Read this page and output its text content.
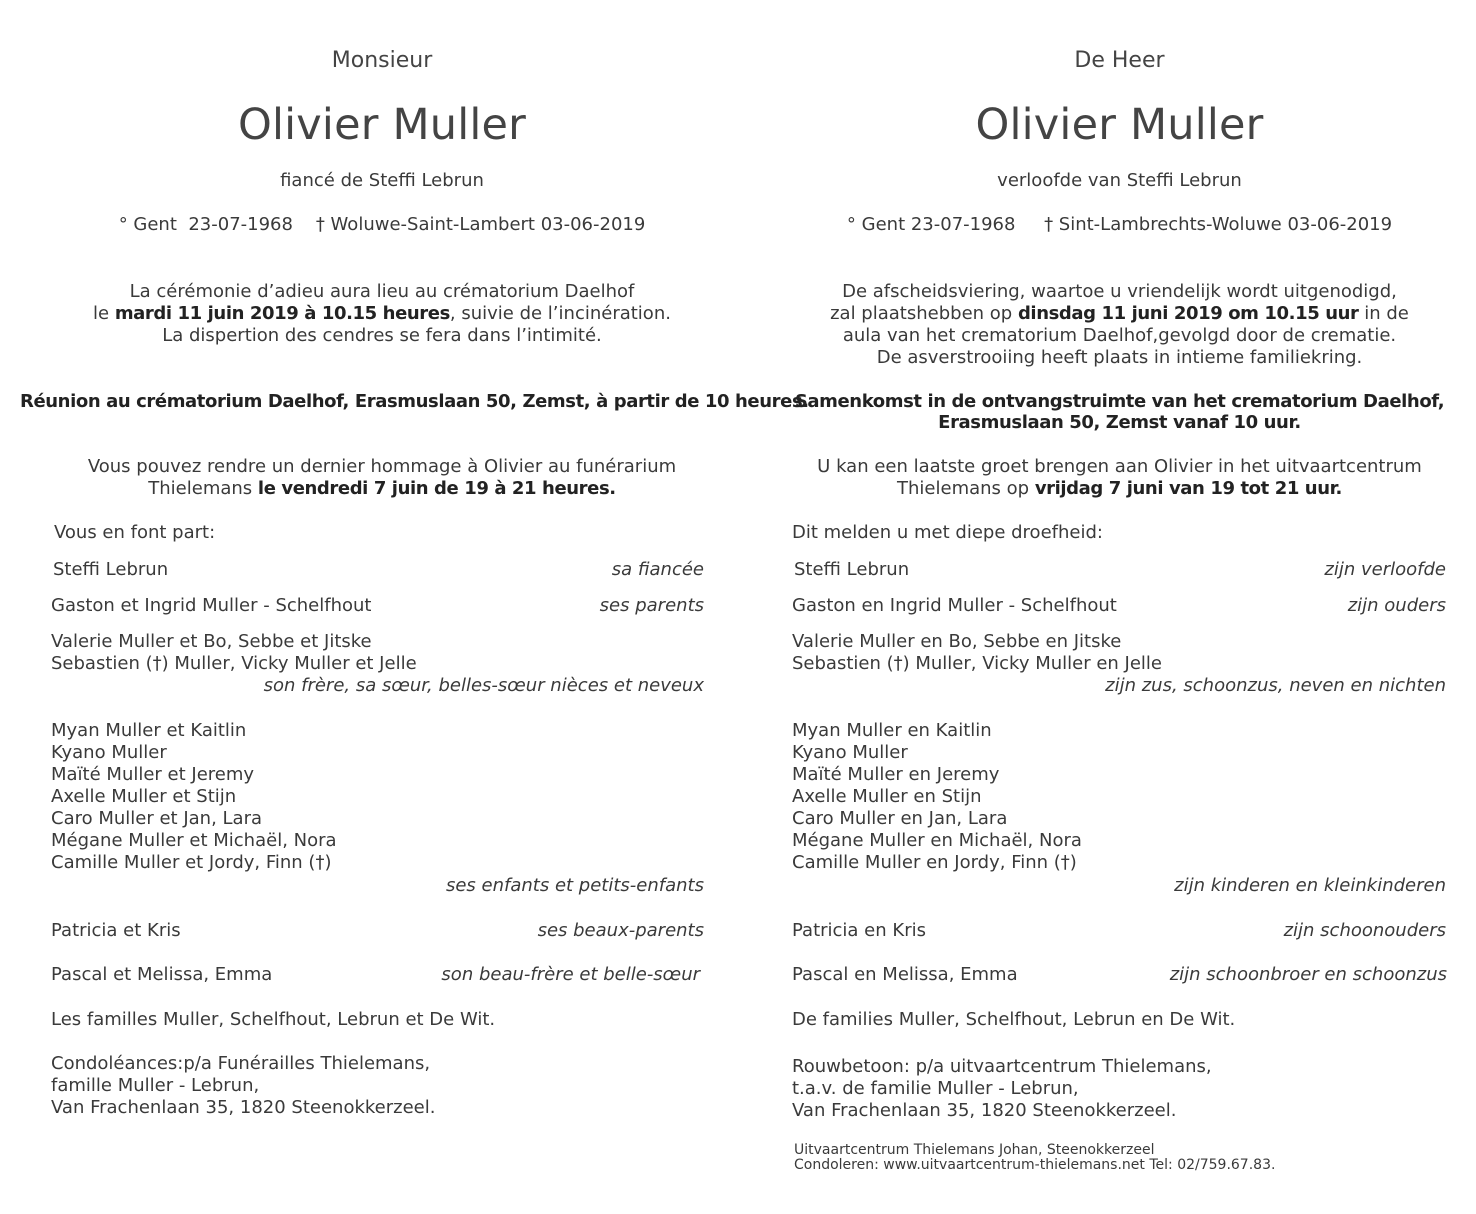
Monsieur
Olivier Muller
fiancé de Steffi Lebrun
° Gent  23-07-1968    † Woluwe-Saint-Lambert 03-06-2019
La cérémonie d’adieu aura lieu au crématorium Daelhof
le mardi 11 juin 2019 à 10.15 heures, suivie de l’incinération.
La dispertion des cendres se fera dans l’intimité.
Réunion au crématorium Daelhof, Erasmuslaan 50, Zemst, à partir de 10 heures.
Vous pouvez rendre un dernier hommage à Olivier au funérarium
Thielemans le vendredi 7 juin de 19 à 21 heures.
Vous en font part:
Steffi Lebrun	sa fiancée
Gaston et Ingrid Muller - Schelfhout	ses parents
Valerie Muller et Bo, Sebbe et Jitske
Sebastien (†) Muller, Vicky Muller et Jelle
son frère, sa sœur, belles-sœur nièces et neveux
Myan Muller et Kaitlin
Kyano Muller
Maïté Muller et Jeremy
Axelle Muller et Stijn
Caro Muller et Jan, Lara
Mégane Muller et Michaël, Nora
Camille Muller et Jordy, Finn (†)
ses enfants et petits-enfants
Patricia et Kris	ses beaux-parents
Pascal et Melissa, Emma	son beau-frère et belle-sœur
Les familles Muller, Schelfhout, Lebrun et De Wit.
Condoléances:p/a Funérailles Thielemans,
famille Muller - Lebrun,
Van Frachenlaan 35, 1820 Steenokkerzeel.
De Heer
Olivier Muller
verloofde van Steffi Lebrun
° Gent 23-07-1968     † Sint-Lambrechts-Woluwe 03-06-2019
De afscheidsviering, waartoe u vriendelijk wordt uitgenodigd,
zal plaatshebben op dinsdag 11 juni 2019 om 10.15 uur in de
aula van het crematorium Daelhof,gevolgd door de crematie.
De asverstrooiing heeft plaats in intieme familiekring.
Samenkomst in de ontvangstruimte van het crematorium Daelhof,
Erasmuslaan 50, Zemst vanaf 10 uur.
U kan een laatste groet brengen aan Olivier in het uitvaartcentrum
Thielemans op vrijdag 7 juni van 19 tot 21 uur.
Dit melden u met diepe droefheid:
Steffi Lebrun	zijn verloofde
Gaston en Ingrid Muller - Schelfhout	zijn ouders
Valerie Muller en Bo, Sebbe en Jitske
Sebastien (†) Muller, Vicky Muller en Jelle
zijn zus, schoonzus, neven en nichten
Myan Muller en Kaitlin
Kyano Muller
Maïté Muller en Jeremy
Axelle Muller en Stijn
Caro Muller en Jan, Lara
Mégane Muller en Michaël, Nora
Camille Muller en Jordy, Finn (†)
zijn kinderen en kleinkinderen
Patricia en Kris	zijn schoonouders
Pascal en Melissa, Emma	zijn schoonbroer en schoonzus
De families Muller, Schelfhout, Lebrun en De Wit.
Rouwbetoon: p/a uitvaartcentrum Thielemans,
t.a.v. de familie Muller - Lebrun,
Van Frachenlaan 35, 1820 Steenokkerzeel.
Uitvaartcentrum Thielemans Johan, Steenokkerzeel
Condoleren: www.uitvaartcentrum-thielemans.net Tel: 02/759.67.83.
